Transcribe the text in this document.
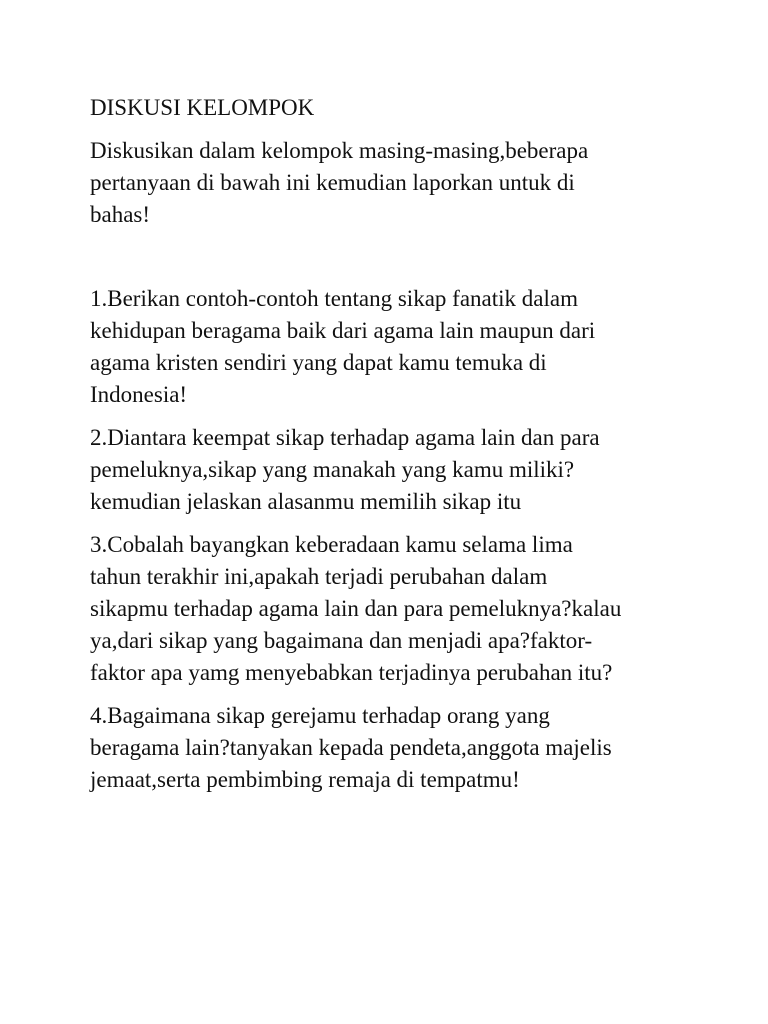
DISKUSI KELOMPOK
Diskusikan dalam kelompok masing-masing,beberapa
pertanyaan di bawah ini kemudian laporkan untuk di
bahas!
1.Berikan contoh-contoh tentang sikap fanatik dalam
kehidupan beragama baik dari agama lain maupun dari
agama kristen sendiri yang dapat kamu temuka di
Indonesia!
2.Diantara keempat sikap terhadap agama lain dan para
pemeluknya,sikap yang manakah yang kamu miliki?
kemudian jelaskan alasanmu memilih sikap itu
3.Cobalah bayangkan keberadaan kamu selama lima
tahun terakhir ini,apakah terjadi perubahan dalam
sikapmu terhadap agama lain dan para pemeluknya?kalau
ya,dari sikap yang bagaimana dan menjadi apa?faktor-
faktor apa yamg menyebabkan terjadinya perubahan itu?
4.Bagaimana sikap gerejamu terhadap orang yang
beragama lain?tanyakan kepada pendeta,anggota majelis
jemaat,serta pembimbing remaja di tempatmu!
